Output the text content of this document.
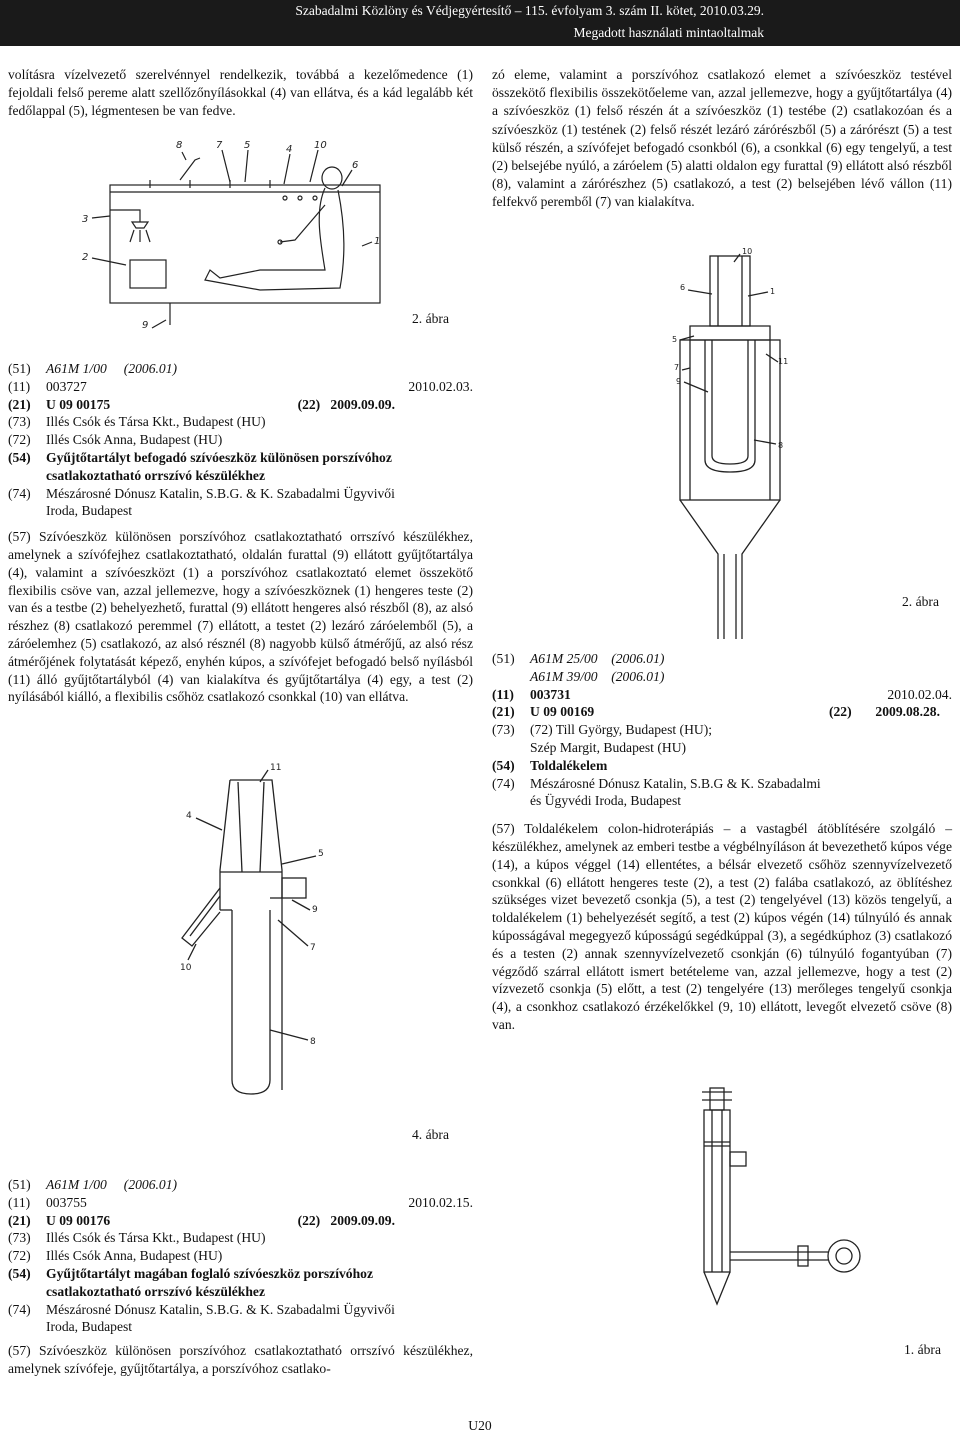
Szabadalmi Közlöny és Védjegyértesítő – 115. évfolyam 3. szám II. kötet, 2010.03.29.
Megadott használati mintaoltalmak

volításra vízelvezető szerelvénnyel rendelkezik, továbbá a kezelőmedence (1) fejoldali felső pereme alatt szellőzőnyílásokkal (4) van ellátva, és a kád legalább két fedőlappal (5), légmentesen be van fedve.

8	7 5	4 10
6
3
1
2
9	2. ábra
(51) A61M 1/00 (2006.01)
(11) 003727	2010.02.03.
(21) U 09 00175	(22) 2009.09.09.
(73) Illés Csók és Társa Kkt., Budapest (HU)
(72) Illés Csók Anna, Budapest (HU)
(54) Gyűjtőtartályt befogadó szívóeszköz különösen porszívóhoz
csatlakoztatható orrszívó készülékhez
(74) Mészárosné Dónusz Katalin, S.B.G. & K. Szabadalmi Ügyvivői
Iroda, Budapest

(57) Szívóeszköz különösen porszívóhoz csatlakoztatható orrszívó készülékhez, amelynek a szívófejhez csatlakoztatható, oldalán furattal (9) ellátott gyűjtőtartálya (4), valamint a szívóeszközt (1) a porszívóhoz csatlakoztató elemet összekötő flexibilis csöve van, azzal jellemezve, hogy a szívóeszköznek (1) hengeres teste (2) van és a testbe (2) behelyezhető, furattal (9) ellátott hengeres alsó részből (8), az alsó részhez (8) csatlakozó peremmel (7) ellátott, a testet (2) lezáró záróelemből (5), a záróelemhez (5) csatlakozó, az alsó résznél (8) nagyobb külső átmérőjű, az alsó rész átmérőjének folytatását képező, enyhén kúpos, a szívófejet befogadó belső nyílásból (11) álló gyűjtőtartályból (4) van kialakítva és gyűjtőtartálya (4) egy, a test (2) nyílásából kiálló, a flexibilis csőhöz csatlakozó csonkkal (10) van ellátva.

11
4
5
9
10
7
8
4. ábra
(51) A61M 1/00 (2006.01)
(11) 003755	2010.02.15.
(21) U 09 00176	(22) 2009.09.09.
(73) Illés Csók és Társa Kkt., Budapest (HU)
(72) Illés Csók Anna, Budapest (HU)
(54) Gyűjtőtartályt magában foglaló szívóeszköz porszívóhoz
csatlakoztatható orrszívó készülékhez
(74) Mészárosné Dónusz Katalin, S.B.G. & K. Szabadalmi Ügyvivői
Iroda, Budapest

(57) Szívóeszköz különösen porszívóhoz csatlakoztatható orrszívó készülékhez, amelynek szívófeje, gyűjtőtartálya, a porszívóhoz csatlako-

zó eleme, valamint a porszívóhoz csatlakozó elemet a szívóeszköz testével összekötő flexibilis összekötőeleme van, azzal jellemezve, hogy a gyűjtőtartálya (4) a szívóeszköz (1) felső részén át a szívóeszköz (1) testébe (2) csatlakozóan és a szívóeszköz (1) testének (2) felső részét lezáró zárórészből (5) a zárórészt (5) a test külső részén, a szívófejet befogadó csonkból (6), a csonkkal (6) egy tengelyű, a test (2) belsejébe nyúló, a záróelem (5) alatti oldalon egy furattal (9) ellátott alsó részből (8), valamint a zárórészhez (5) csatlakozó, a test (2) belsejében lévő vállon (11) felfekvő peremből (7) van kialakítva.

10
6	1
5
11
9
7
8
2. ábra
(51) A61M 25/00 (2006.01)
A61M 39/00 (2006.01)
(11) 003731	2010.02.04.
(21) U 09 00169	(22) 2009.08.28.
(73) (72) Till György, Budapest (HU);
Szép Margit, Budapest (HU)
(54) Toldalékelem
(74) Mészárosné Dónusz Katalin, S.B.G & K. Szabadalmi
és Ügyvédi Iroda, Budapest

(57) Toldalékelem colon-hidroterápiás – a vastagbél átöblítésére szolgáló – készülékhez, amelynek az emberi testbe a végbélnyíláson át bevezethető kúpos vége (14), a kúpos véggel (14) ellentétes, a bélsár elvezető csőhöz szennyvízelvezető csonkkal (6) ellátott hengeres teste (2), a test (2) falába csatlakozó, az öblítéshez szükséges vizet bevezető csonkja (5), a test (2) tengelyével (13) közös tengelyű, a toldalékelem (1) behelyezését segítő, a test (2) kúpos végén (14) túlnyúló és annak kúposságával megegyező kúposságú segédkúppal (3), a segédkúphoz (3) csatlakozó és a testen (2) annak szennyvízelvezető csonkján (6) túlnyúló fogantyúban (7) végződő szárral ellátott ismert betételeme van, azzal jellemezve, hogy a test (2) vízvezető csonkja (5) előtt, a test (2) tengelyére (13) merőleges tengelyű csonkja (4), a csonkhoz csatlakozó érzékelőkkel (9, 10) ellátott, levegőt elvezető csöve (8) van.

1. ábra
U20
